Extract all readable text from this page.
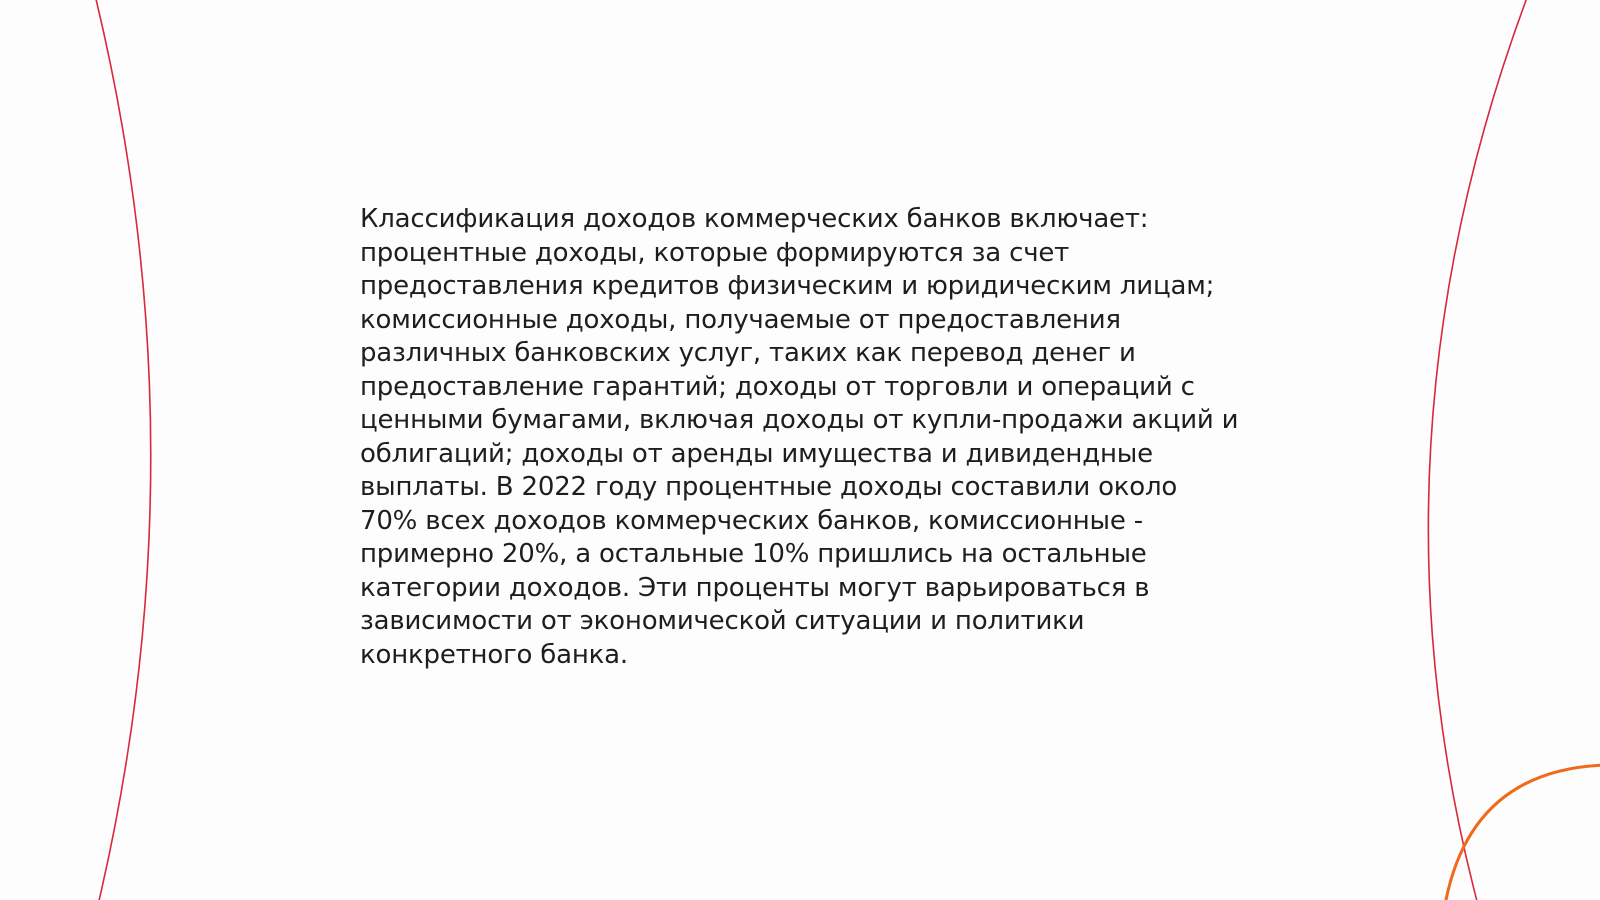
Классификация доходов коммерческих банков включает: процентные доходы, которые формируются за счет предоставления кредитов физическим и юридическим лицам; комиссионные доходы, получаемые от предоставления различных банковских услуг, таких как перевод денег и предоставление гарантий; доходы от торговли и операций с ценными бумагами, включая доходы от купли-продажи акций и облигаций; доходы от аренды имущества и дивидендные выплаты. В 2022 году процентные доходы составили около 70% всех доходов коммерческих банков, комиссионные - примерно 20%, а остальные 10% пришлись на остальные категории доходов. Эти проценты могут варьироваться в зависимости от экономической ситуации и политики конкретного банка.
